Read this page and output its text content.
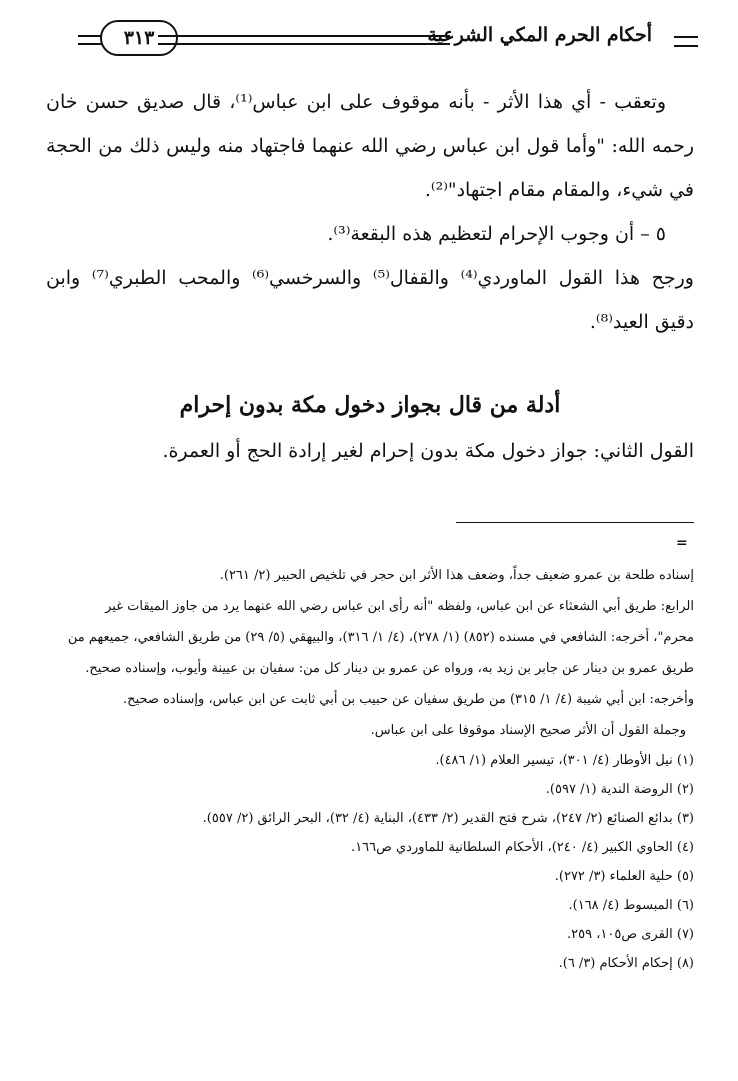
٣١٣	أحكام الحرم المكي الشرعية

وتعقب - أي هذا الأثر - بأنه موقوف على ابن عباس⁽¹⁾، قال صديق حسن خان رحمه الله: "وأما قول ابن عباس رضي الله عنهما فاجتهاد منه وليس ذلك من الحجة في شيء، والمقام مقام اجتهاد"⁽²⁾.

٥ – أن وجوب الإحرام لتعظيم هذه البقعة⁽³⁾.

ورجح هذا القول الماوردي⁽⁴⁾ والقفال⁽⁵⁾ والسرخسي⁽⁶⁾ والمحب الطبري⁽⁷⁾ وابن دقيق العيد⁽⁸⁾.

أدلة من قال بجواز دخول مكة بدون إحرام
القول الثاني: جواز دخول مكة بدون إحرام لغير إرادة الحج أو العمرة.
=

إسناده طلحة بن عمرو ضعيف جداً، وضعف هذا الأثر ابن حجر في تلخيص الحبير (٢/ ٢٦١).

الرابع: طريق أبي الشعثاء عن ابن عباس، ولفظه "أنه رأى ابن عباس رضي الله عنهما يرد من جاوز الميقات غير محرم"، أخرجه: الشافعي في مسنده (٨٥٢) (١/ ٢٧٨)، (٤/ ١/ ٣١٦)، والبيهقي (٥/ ٢٩) من طريق الشافعي، جميعهم من طريق عمرو بن دينار عن جابر بن زيد به، ورواه عن عمرو بن دينار كل من: سفيان بن عيينة وأيوب، وإسناده صحيح.

وأخرجه: ابن أبي شيبة (٤/ ١/ ٣١٥) من طريق سفيان عن حبيب بن أبي ثابت عن ابن عباس، وإسناده صحيح.

وجملة القول أن الأثر صحيح الإسناد موقوفا على ابن عباس.

(١) نيل الأوطار (٤/ ٣٠١)، تيسير العلام (١/ ٤٨٦).
(٢) الروضة الندية (١/ ٥٩٧).
(٣) بدائع الصنائع (٢/ ٢٤٧)، شرح فتح القدير (٢/ ٤٣٣)، البناية (٤/ ٣٢)، البحر الرائق (٢/ ٥٥٧).
(٤) الحاوي الكبير (٤/ ٢٤٠)، الأحكام السلطانية للماوردي ص١٦٦.
(٥) حلية العلماء (٣/ ٢٧٢).
(٦) المبسوط (٤/ ١٦٨).
(٧) القرى ص١٠٥، ٢٥٩.
(٨) إحكام الأحكام (٣/ ٦).
